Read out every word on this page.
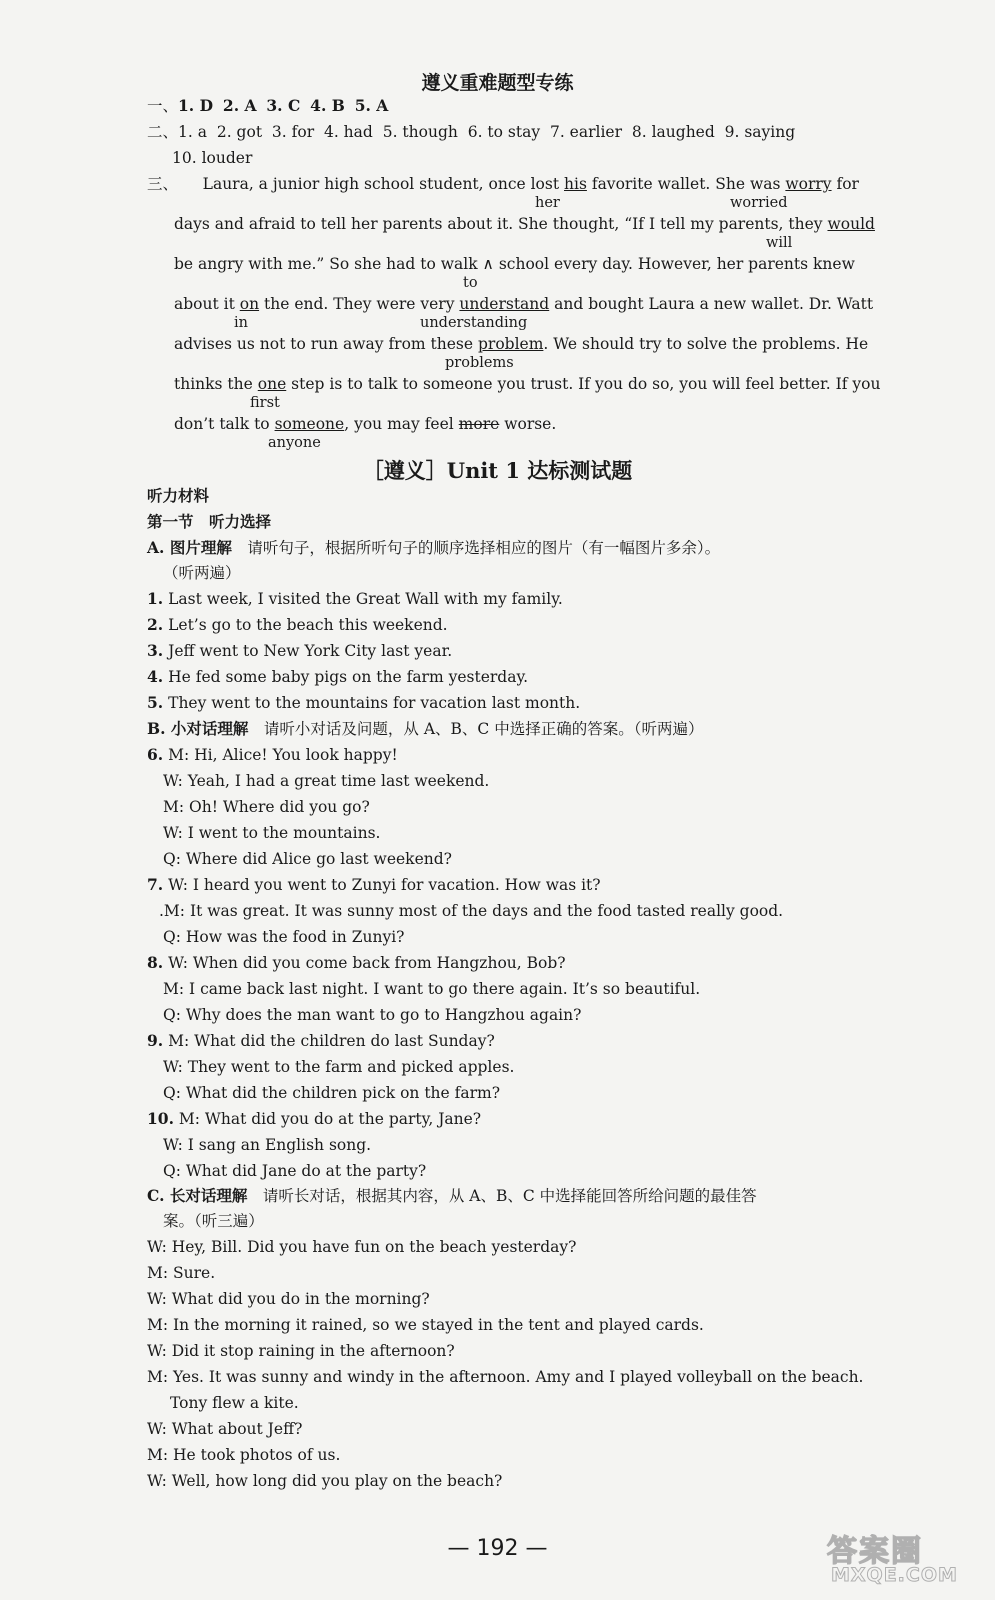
遵义重难题型专练
一、1. D 2. A 3. C 4. B 5. A
二、1. a 2. got 3. for 4. had 5. though 6. to stay 7. earlier 8. laughed 9. saying
10. louder
三、 Laura, a junior high school student, once lost his favorite wallet. She was worry for
her	worried
days and afraid to tell her parents about it. She thought, “If I tell my parents, they would
will
be angry with me.” So she had to walk ∧ school every day. However, her parents knew
to
about it on the end. They were very understand and bought Laura a new wallet. Dr. Watt
in	understanding
advises us not to run away from these problem. We should try to solve the problems. He
problems
thinks the one step is to talk to someone you trust. If you do so, you will feel better. If you
first
don’t talk to someone, you may feel more worse.
anyone
［遵义］Unit 1 达标测试题
听力材料
第一节　听力选择
A. 图片理解　请听句子，根据所听句子的顺序选择相应的图片（有一幅图片多余）。
（听两遍）
1. Last week, I visited the Great Wall with my family.
2. Let’s go to the beach this weekend.
3. Jeff went to New York City last year.
4. He fed some baby pigs on the farm yesterday.
5. They went to the mountains for vacation last month.
B. 小对话理解　请听小对话及问题，从 A、B、C 中选择正确的答案。（听两遍）
6. M: Hi, Alice! You look happy!
W: Yeah, I had a great time last weekend.
M: Oh! Where did you go?
W: I went to the mountains.
Q: Where did Alice go last weekend?
7. W: I heard you went to Zunyi for vacation. How was it?
.M: It was great. It was sunny most of the days and the food tasted really good.
Q: How was the food in Zunyi?
8. W: When did you come back from Hangzhou, Bob?
M: I came back last night. I want to go there again. It’s so beautiful.
Q: Why does the man want to go to Hangzhou again?
9. M: What did the children do last Sunday?
W: They went to the farm and picked apples.
Q: What did the children pick on the farm?
10. M: What did you do at the party, Jane?
W: I sang an English song.
Q: What did Jane do at the party?
C. 长对话理解　请听长对话，根据其内容，从 A、B、C 中选择能回答所给问题的最佳答
案。（听三遍）
W: Hey, Bill. Did you have fun on the beach yesterday?
M: Sure.
W: What did you do in the morning?
M: In the morning it rained, so we stayed in the tent and played cards.
W: Did it stop raining in the afternoon?
M: Yes. It was sunny and windy in the afternoon. Amy and I played volleyball on the beach.
Tony flew a kite.
W: What about Jeff?
M: He took photos of us.
W: Well, how long did you play on the beach?
— 192 —	答案圈
MXQE.COM
